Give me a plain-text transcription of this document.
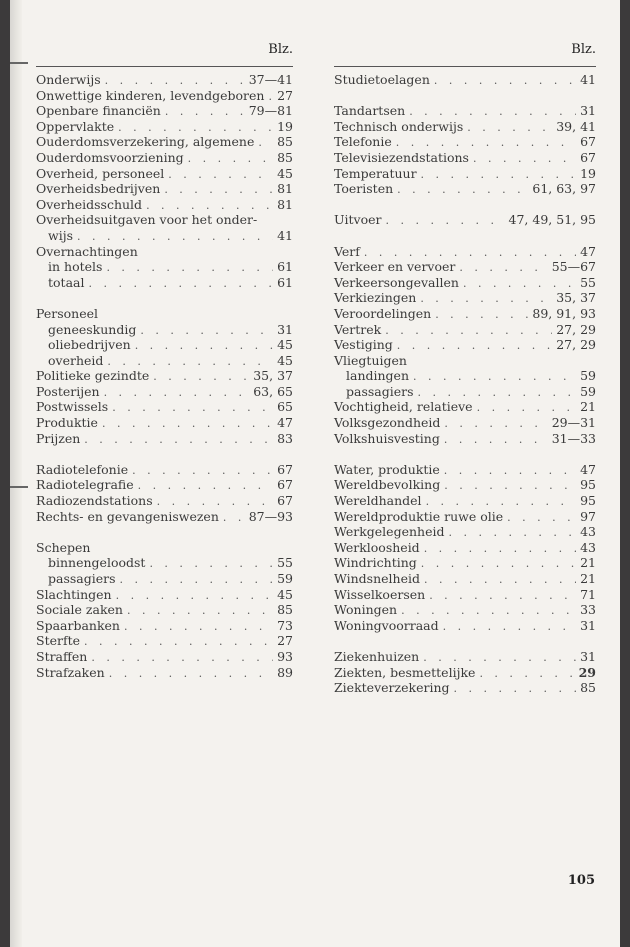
Blz.
Onderwijs . . .	37—41
Onwettige kinderen, levendgeboren . . . 27
Openbare financiën . . .	79—81
Oppervlakte . . .	19
Ouderdomsverzekering, algemene . . . 85
Ouderdomsvoorziening . . .	85
Overheid, personeel . . .	45
Overheidsbedrijven . . .	81
Overheidsschuld . . .	81
Overheidsuitgaven voor het onder-
wijs . . .	41
Overnachtingen
in hotels . . .	61
totaal . . .	61
Personeel
geneeskundig . . .	31
oliebedrijven . . .	45
overheid . . .	45
Politieke gezindte . . .	35, 37
Posterijen . . .	63, 65
Postwissels . . .	65
Produktie . . .	47
Prijzen . . .	83
Radiotelefonie . . .	67
Radiotelegrafie . . .	67
Radiozendstations . . .	67
Rechts- en gevangeniswezen . . . 87—93
Schepen
binnengeloodst . . .	55
passagiers . . .	59
Slachtingen . . .	45
Sociale zaken . . .	85
Spaarbanken . . .	73
Sterfte . . .	27
Straffen . . .	93
Strafzaken . . .	89
Blz.
Studietoelagen . . .	41
Tandartsen . . .	31
Technisch onderwijs . . .	39, 41
Telefonie . . .	67
Televisiezendstations . . .	67
Temperatuur . . .	19
Toeristen . . .	61, 63, 97
Uitvoer . . .	47, 49, 51, 95
Verf . . .	47
Verkeer en vervoer . . .	55—67
Verkeersongevallen . . .	55
Verkiezingen . . .	35, 37
Veroordelingen . . .	89, 91, 93
Vertrek . . .	27, 29
Vestiging . . .	27, 29
Vliegtuigen
landingen . . .	59
passagiers . . .	59
Vochtigheid, relatieve . . .	21
Volksgezondheid . . .	29—31
Volkshuisvesting . . .	31—33
Water, produktie . . .	47
Wereldbevolking . . .	95
Wereldhandel . . .	95
Wereldproduktie ruwe olie . . .	97
Werkgelegenheid . . .	43
Werkloosheid . . .	43
Windrichting . . .	21
Windsnelheid . . .	21
Wisselkoersen . . .	71
Woningen . . .	33
Woningvoorraad . . .	31
Ziekenhuizen . . .	31
Ziekten, besmettelijke . . .	29
Ziekteverzekering . . .	85
105
